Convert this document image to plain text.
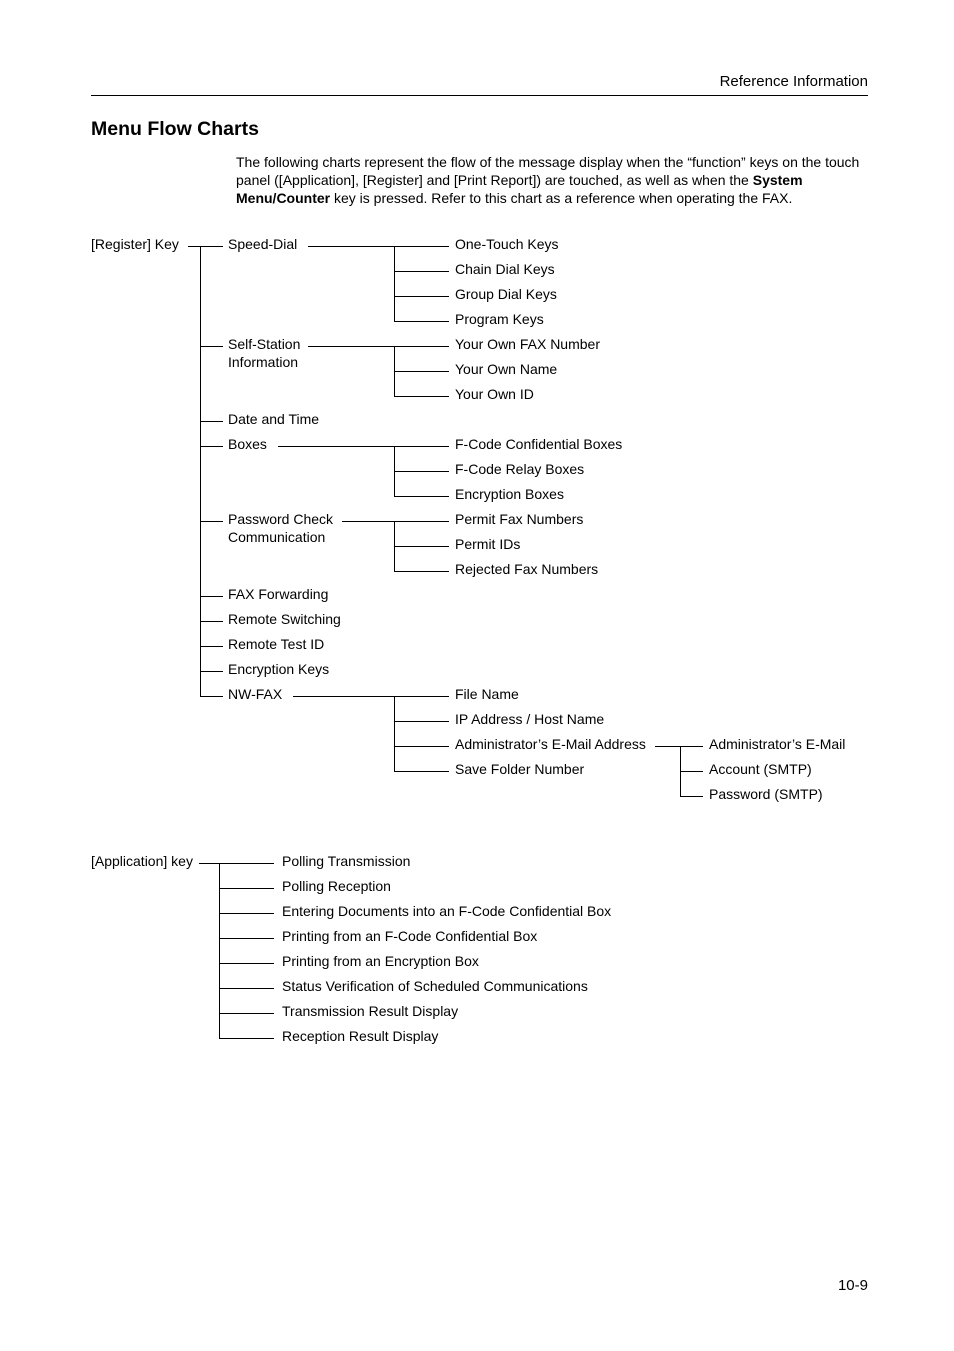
Reference Information
Menu Flow Charts
The following charts represent the flow of the message display when the “function” keys on the touch panel ([Application], [Register] and [Print Report]) are touched, as well as when the System Menu/Counter key is pressed. Refer to this chart as a reference when operating the FAX.
[Register] Key	Speed-Dial
Self-Station
Information
Date and Time
Boxes
Password Check
Communication
FAX Forwarding
Remote Switching
Remote Test ID
Encryption Keys
NW-FAX
One-Touch Keys
Chain Dial Keys
Group Dial Keys
Program Keys
Your Own FAX Number
Your Own Name
Your Own ID
F-Code Confidential Boxes
F-Code Relay Boxes
Encryption Boxes
Permit Fax Numbers
Permit IDs
Rejected Fax Numbers
File Name
IP Address / Host Name
Administrator’s E-Mail Address
Save Folder Number
Administrator’s E-Mail
Account (SMTP)
Password (SMTP)
[Application] key	Polling Transmission
Polling Reception
Entering Documents into an F-Code Confidential Box
Printing from an F-Code Confidential Box
Printing from an Encryption Box
Status Verification of Scheduled Communications
Transmission Result Display
Reception Result Display
10-9
